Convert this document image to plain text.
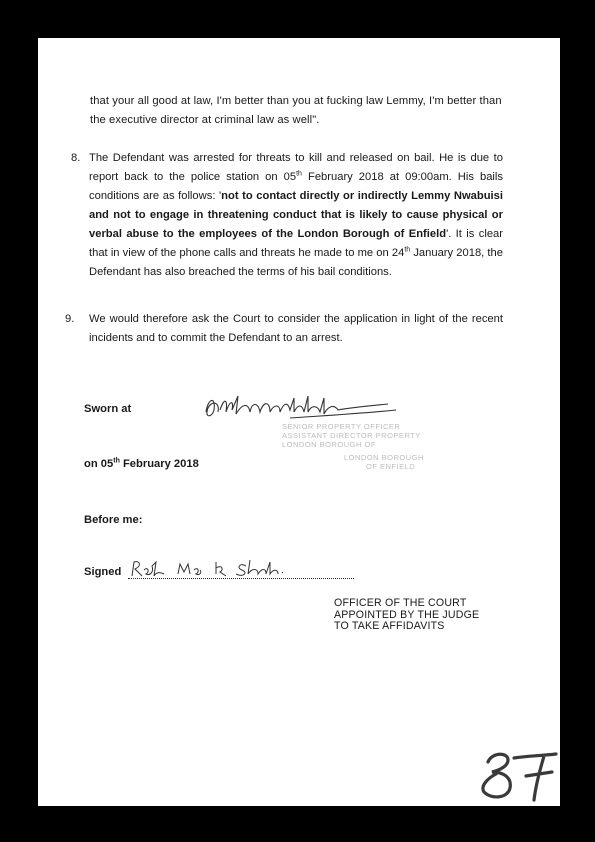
that your all good at law, I'm better than you at fucking law Lemmy, I'm better than the executive director at criminal law as well".
8. The Defendant was arrested for threats to kill and released on bail. He is due to report back to the police station on 05th February 2018 at 09:00am. His bails conditions are as follows: 'not to contact directly or indirectly Lemmy Nwabuisi and not to engage in threatening conduct that is likely to cause physical or verbal abuse to the employees of the London Borough of Enfield'. It is clear that in view of the phone calls and threats he made to me on 24th January 2018, the Defendant has also breached the terms of his bail conditions.
9. We would therefore ask the Court to consider the application in light of the recent incidents and to commit the Defendant to an arrest.
Sworn at
SENIOR PROPERTY OFFICER
ASSISTANT DIRECTOR PROPERTY
LONDON BOROUGH OF
LONDON BOROUGH
OF ENFIELD
on 05th February 2018
Before me:
Signed
OFFICER OF THE COURT
APPOINTED BY THE JUDGE
TO TAKE AFFIDAVITS
